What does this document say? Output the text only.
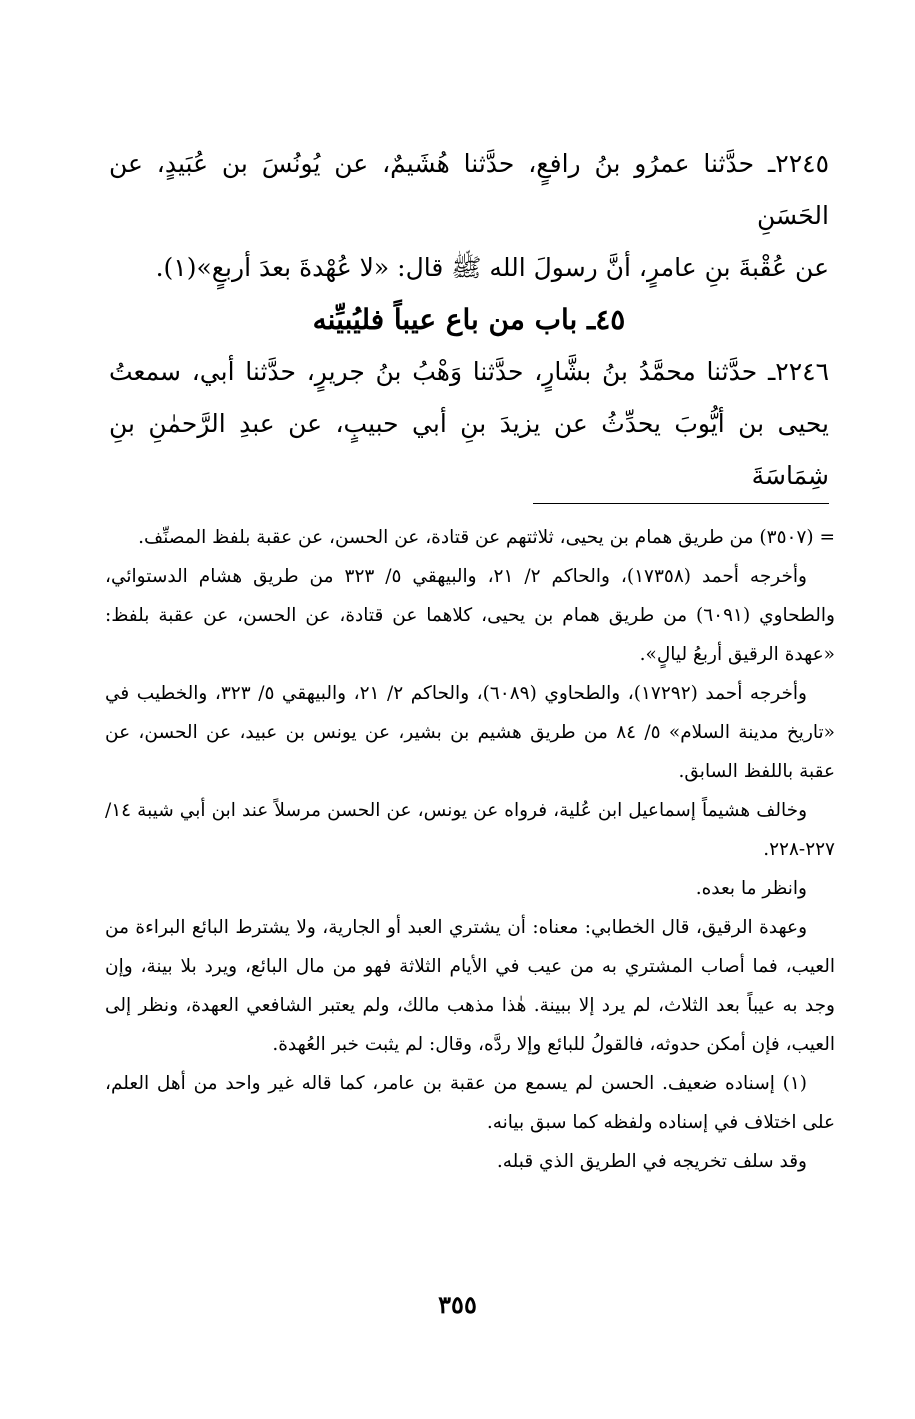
٢٢٤٥ـ حدَّثنا عمرُو بنُ رافعٍ، حدَّثنا هُشَيمٌ، عن يُونُسَ بن عُبَيدٍ، عن الحَسَنِ

عن عُقْبةَ بنِ عامرٍ، أنَّ رسولَ الله ﷺ قال: «لا عُهْدةَ بعدَ أربعٍ»(١).

٤٥ـ باب من باع عيباً فليُبيِّنه

٢٢٤٦ـ حدَّثنا محمَّدُ بنُ بشَّارٍ، حدَّثنا وَهْبُ بنُ جريرٍ، حدَّثنا أبي، سمعتُ يحيى بن أيُّوبَ يحدِّثُ عن يزيدَ بنِ أبي حبيبٍ، عن عبدِ الرَّحمٰنِ بنِ شِمَاسَةَ

= (٣٥٠٧) من طريق همام بن يحيى، ثلاثتهم عن قتادة، عن الحسن، عن عقبة بلفظ المصنِّف.

وأخرجه أحمد (١٧٣٥٨)، والحاكم ٢/ ٢١، والبيهقي ٥/ ٣٢٣ من طريق هشام الدستوائي، والطحاوي (٦٠٩١) من طريق همام بن يحيى، كلاهما عن قتادة، عن الحسن، عن عقبة بلفظ: «عهدة الرقيق أربعُ ليالٍ».

وأخرجه أحمد (١٧٢٩٢)، والطحاوي (٦٠٨٩)، والحاكم ٢/ ٢١، والبيهقي ٥/ ٣٢٣، والخطيب في «تاريخ مدينة السلام» ٥/ ٨٤ من طريق هشيم بن بشير، عن يونس بن عبيد، عن الحسن، عن عقبة باللفظ السابق.

وخالف هشيماً إسماعيل ابن عُلية، فرواه عن يونس، عن الحسن مرسلاً عند ابن أبي شيبة ١٤/ ٢٢٧-٢٢٨.

وانظر ما بعده.

وعهدة الرقيق، قال الخطابي: معناه: أن يشتري العبد أو الجارية، ولا يشترط البائع البراءة من العيب، فما أصاب المشتري به من عيب في الأيام الثلاثة فهو من مال البائع، ويرد بلا بينة، وإن وجد به عيباً بعد الثلاث، لم يرد إلا ببينة. هٰذا مذهب مالك، ولم يعتبر الشافعي العهدة، ونظر إلى العيب، فإن أمكن حدوثه، فالقولُ للبائع وإلا ردَّه، وقال: لم يثبت خبر العُهدة.

(١) إسناده ضعيف. الحسن لم يسمع من عقبة بن عامر، كما قاله غير واحد من أهل العلم، على اختلاف في إسناده ولفظه كما سبق بيانه.

وقد سلف تخريجه في الطريق الذي قبله.

٣٥٥
